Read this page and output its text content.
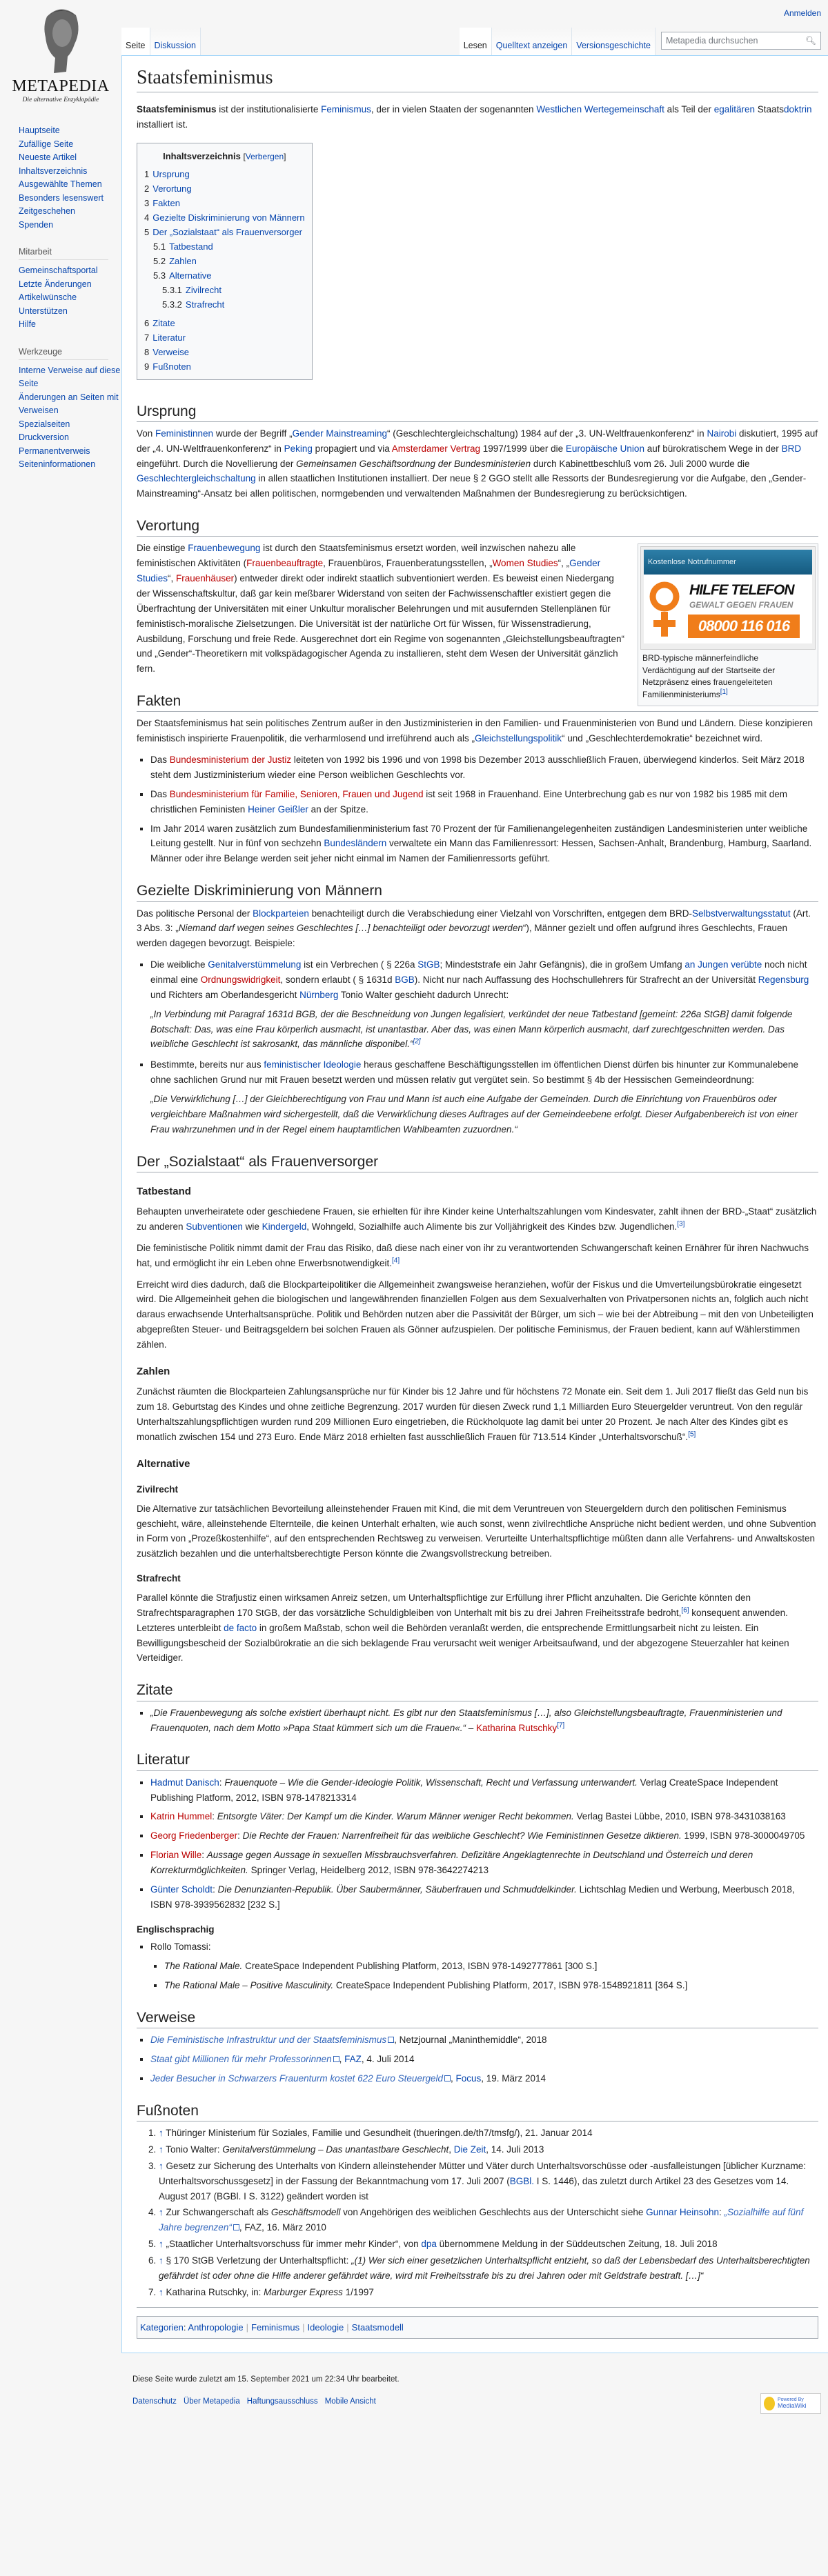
METAPEDIA
Die alternative Enzyklopädie
Hauptseite
Zufällige Seite
Neueste Artikel
Inhaltsverzeichnis
Ausgewählte Themen
Besonders lesenswert
Zeitgeschehen
Spenden
Mitarbeit
Gemeinschaftsportal
Letzte Änderungen
Artikelwünsche
Unterstützen
Hilfe
Werkzeuge
Interne Verweise auf diese Seite
Änderungen an Seiten mit Verweisen
Spezialseiten
Druckversion
Permanentverweis
Seiteninformationen
Anmelden
Seite	Diskussion	Lesen	Quelltext anzeigen	Versionsgeschichte	Metapedia durchsuchen	🔍︎
Staatsfeminismus

Staatsfeminismus ist der institutionalisierte Feminismus, der in vielen Staaten der sogenannten Westlichen Wertegemeinschaft als Teil der egalitären Staatsdoktrin installiert ist.

Inhaltsverzeichnis [Verbergen]
1 Ursprung
2 Verortung
3 Fakten
4 Gezielte Diskriminierung von Männern
5 Der „Sozialstaat“ als Frauenversorger
5.1 Tatbestand
5.2 Zahlen
5.3 Alternative
5.3.1 Zivilrecht
5.3.2 Strafrecht
6 Zitate
7 Literatur
8 Verweise
9 Fußnoten
Ursprung

Von Feministinnen wurde der Begriff „Gender Mainstreaming“ (Geschlechtergleichschaltung) 1984 auf der „3. UN-Weltfrauenkonferenz“ in Nairobi diskutiert, 1995 auf der „4. UN-Weltfrauenkonferenz“ in Peking propagiert und via Amsterdamer Vertrag 1997/1999 über die Europäische Union auf bürokratischem Wege in der BRD eingeführt. Durch die Novellierung der Gemeinsamen Geschäftsordnung der Bundesministerien durch Kabinettbeschluß vom 26. Juli 2000 wurde die Geschlechtergleichschaltung in allen staatlichen Institutionen installiert. Der neue § 2 GGO stellt alle Ressorts der Bundesregierung vor die Aufgabe, den „Gender-Mainstreaming“-Ansatz bei allen politischen, normgebenden und verwaltenden Maßnahmen der Bundesregierung zu berücksichtigen.

Verortung
Kostenlose Notrufnummer
HILFE TELEFON
GEWALT GEGEN FRAUEN
08000 116 016
BRD-typische männerfeindliche Verdächtigung auf der Startseite der Netzpräsenz eines frauengeleiteten Familienministeriums[1]

Die einstige Frauenbewegung ist durch den Staatsfeminismus ersetzt worden, weil inzwischen nahezu alle feministischen Aktivitäten (Frauenbeauftragte, Frauenbüros, Frauenberatungsstellen, „Women Studies“, „Gender Studies“, Frauenhäuser) entweder direkt oder indirekt staatlich subventioniert werden. Es beweist einen Niedergang der Wissenschaftskultur, daß gar kein meßbarer Widerstand von seiten der Fachwissenschaftler existiert gegen die Überfrachtung der Universitäten mit einer Unkultur moralischer Belehrungen und mit ausufernden Stellenplänen für feministisch-moralische Zielsetzungen. Die Universität ist der natürliche Ort für Wissen, für Wissenstradierung, Ausbildung, Forschung und freie Rede. Ausgerechnet dort ein Regime von sogenannten „Gleichstellungsbeauftragten“ und „Gender“-Theoretikern mit volkspädagogischer Agenda zu installieren, steht dem Wesen der Universität gänzlich fern.

Fakten

Der Staatsfeminismus hat sein politisches Zentrum außer in den Justizministerien in den Familien- und Frauenministerien von Bund und Ländern. Diese konzipieren feministisch inspirierte Frauenpolitik, die verharmlosend und irreführend auch als „Gleichstellungspolitik“ und „Geschlechterdemokratie“ bezeichnet wird.

▪ Das Bundesministerium der Justiz leiteten von 1992 bis 1996 und von 1998 bis Dezember 2013 ausschließlich Frauen, überwiegend kinderlos. Seit März 2018 steht dem Justizministerium wieder eine Person weiblichen Geschlechts vor.
▪ Das Bundesministerium für Familie, Senioren, Frauen und Jugend ist seit 1968 in Frauenhand. Eine Unterbrechung gab es nur von 1982 bis 1985 mit dem christlichen Feministen Heiner Geißler an der Spitze.
▪ Im Jahr 2014 waren zusätzlich zum Bundesfamilienministerium fast 70 Prozent der für Familienangelegenheiten zuständigen Landesministerien unter weibliche Leitung gestellt. Nur in fünf von sechzehn Bundesländern verwaltete ein Mann das Familienressort: Hessen, Sachsen-Anhalt, Brandenburg, Hamburg, Saarland. Männer oder ihre Belange werden seit jeher nicht einmal im Namen der Familienressorts geführt.
Gezielte Diskriminierung von Männern

Das politische Personal der Blockparteien benachteiligt durch die Verabschiedung einer Vielzahl von Vorschriften, entgegen dem BRD-Selbstverwaltungsstatut (Art. 3 Abs. 3: „Niemand darf wegen seines Geschlechtes […] benachteiligt oder bevorzugt werden“), Männer gezielt und offen aufgrund ihres Geschlechts, Frauen werden dagegen bevorzugt. Beispiele:

▪ Die weibliche Genitalverstümmelung ist ein Verbrechen ( § 226a StGB; Mindeststrafe ein Jahr Gefängnis), die in großem Umfang an Jungen verübte noch nicht einmal eine Ordnungswidrigkeit, sondern erlaubt ( § 1631d BGB). Nicht nur nach Auffassung des Hochschullehrers für Strafrecht an der Universität Regensburg und Richters am Oberlandesgericht Nürnberg Tonio Walter geschieht dadurch Unrecht:
„In Verbindung mit Paragraf 1631d BGB, der die Beschneidung von Jungen legalisiert, verkündet der neue Tatbestand [gemeint: 226a StGB] damit folgende Botschaft: Das, was eine Frau körperlich ausmacht, ist unantastbar. Aber das, was einen Mann körperlich ausmacht, darf zurechtgeschnitten werden. Das weibliche Geschlecht ist sakrosankt, das männliche disponibel.“[2]
▪ Bestimmte, bereits nur aus feministischer Ideologie heraus geschaffene Beschäftigungsstellen im öffentlichen Dienst dürfen bis hinunter zur Kommunalebene ohne sachlichen Grund nur mit Frauen besetzt werden und müssen relativ gut vergütet sein. So bestimmt § 4b der Hessischen Gemeindeordnung:
„Die Verwirklichung […] der Gleichberechtigung von Frau und Mann ist auch eine Aufgabe der Gemeinden. Durch die Einrichtung von Frauenbüros oder vergleichbare Maßnahmen wird sichergestellt, daß die Verwirklichung dieses Auftrages auf der Gemeindeebene erfolgt. Dieser Aufgabenbereich ist von einer Frau wahrzunehmen und in der Regel einem hauptamtlichen Wahlbeamten zuzuordnen.“
Der „Sozialstaat“ als Frauenversorger
Tatbestand

Behaupten unverheiratete oder geschiedene Frauen, sie erhielten für ihre Kinder keine Unterhaltszahlungen vom Kindesvater, zahlt ihnen der BRD-„Staat“ zusätzlich zu anderen Subventionen wie Kindergeld, Wohngeld, Sozialhilfe auch Alimente bis zur Volljährigkeit des Kindes bzw. Jugendlichen.[3]

Die feministische Politik nimmt damit der Frau das Risiko, daß diese nach einer von ihr zu verantwortenden Schwangerschaft keinen Ernährer für ihren Nachwuchs hat, und ermöglicht ihr ein Leben ohne Erwerbsnotwendigkeit.[4]

Erreicht wird dies dadurch, daß die Blockparteipolitiker die Allgemeinheit zwangsweise heranziehen, wofür der Fiskus und die Umverteilungsbürokratie eingesetzt wird. Die Allgemeinheit gehen die biologischen und langewährenden finanziellen Folgen aus dem Sexualverhalten von Privatpersonen nichts an, folglich auch nicht daraus erwachsende Unterhaltsansprüche. Politik und Behörden nutzen aber die Passivität der Bürger, um sich – wie bei der Abtreibung – mit den von Unbeteiligten abgepreßten Steuer- und Beitragsgeldern bei solchen Frauen als Gönner aufzuspielen. Der politische Feminismus, der Frauen bedient, kann auf Wählerstimmen zählen.

Zahlen

Zunächst räumten die Blockparteien Zahlungsansprüche nur für Kinder bis 12 Jahre und für höchstens 72 Monate ein. Seit dem 1. Juli 2017 fließt das Geld nun bis zum 18. Geburtstag des Kindes und ohne zeitliche Begrenzung. 2017 wurden für diesen Zweck rund 1,1 Milliarden Euro Steuergelder veruntreut. Von den regulär Unterhaltszahlungspflichtigen wurden rund 209 Millionen Euro eingetrieben, die Rückholquote lag damit bei unter 20 Prozent. Je nach Alter des Kindes gibt es monatlich zwischen 154 und 273 Euro. Ende März 2018 erhielten fast ausschließlich Frauen für 713.514 Kinder „Unterhaltsvorschuß“.[5]

Alternative
Zivilrecht

Die Alternative zur tatsächlichen Bevorteilung alleinstehender Frauen mit Kind, die mit dem Veruntreuen von Steuergeldern durch den politischen Feminismus geschieht, wäre, alleinstehende Elternteile, die keinen Unterhalt erhalten, wie auch sonst, wenn zivilrechtliche Ansprüche nicht bedient werden, und ohne Subvention in Form von „Prozeßkostenhilfe“, auf den entsprechenden Rechtsweg zu verweisen. Verurteilte Unterhaltspflichtige müßten dann alle Verfahrens- und Anwaltskosten zusätzlich bezahlen und die unterhaltsberechtigte Person könnte die Zwangsvollstreckung betreiben.

Strafrecht

Parallel könnte die Strafjustiz einen wirksamen Anreiz setzen, um Unterhaltspflichtige zur Erfüllung ihrer Pflicht anzuhalten. Die Gerichte könnten den Strafrechtsparagraphen 170 StGB, der das vorsätzliche Schuldigbleiben von Unterhalt mit bis zu drei Jahren Freiheitsstrafe bedroht,[6] konsequent anwenden. Letzteres unterbleibt de facto in großem Maßstab, schon weil die Behörden veranlaßt werden, die entsprechende Ermittlungsarbeit nicht zu leisten. Ein Bewilligungsbescheid der Sozialbürokratie an die sich beklagende Frau verursacht weit weniger Arbeitsaufwand, und der abgezogene Steuerzahler hat keinen Verteidiger.

Zitate
▪ „Die Frauenbewegung als solche existiert überhaupt nicht. Es gibt nur den Staatsfeminismus […], also Gleichstellungsbeauftragte, Frauenministerien und Frauenquoten, nach dem Motto »Papa Staat kümmert sich um die Frauen«.“ – Katharina Rutschky[7]
Literatur
▪ Hadmut Danisch: Frauenquote – Wie die Gender-Ideologie Politik, Wissenschaft, Recht und Verfassung unterwandert. Verlag CreateSpace Independent Publishing Platform, 2012, ISBN 978-1478213314
▪ Katrin Hummel: Entsorgte Väter: Der Kampf um die Kinder. Warum Männer weniger Recht bekommen. Verlag Bastei Lübbe, 2010, ISBN 978-3431038163
▪ Georg Friedenberger: Die Rechte der Frauen: Narrenfreiheit für das weibliche Geschlecht? Wie Feministinnen Gesetze diktieren. 1999, ISBN 978-3000049705
▪ Florian Wille: Aussage gegen Aussage in sexuellen Missbrauchsverfahren. Defizitäre Angeklagtenrechte in Deutschland und Österreich und deren Korrekturmöglichkeiten. Springer Verlag, Heidelberg 2012, ISBN 978-3642274213
▪ Günter Scholdt: Die Denunzianten-Republik. Über Saubermänner, Säuberfrauen und Schmuddelkinder. Lichtschlag Medien und Werbung, Meerbusch 2018, ISBN 978-3939562832 [232 S.]
Englischsprachig
▪ Rollo Tomassi:
▪ The Rational Male. CreateSpace Independent Publishing Platform, 2013, ISBN 978-1492777861 [300 S.]
▪ The Rational Male – Positive Masculinity. CreateSpace Independent Publishing Platform, 2017, ISBN 978-1548921811 [364 S.]
Verweise
▪ Die Feministische Infrastruktur und der Staatsfeminismus , Netzjournal „Maninthemiddle“, 2018
▪ Staat gibt Millionen für mehr Professorinnen , FAZ, 4. Juli 2014
▪ Jeder Besucher in Schwarzers Frauenturm kostet 622 Euro Steuergeld , Focus, 19. März 2014
Fußnoten
1. ↑ Thüringer Ministerium für Soziales, Familie und Gesundheit (thueringen.de/th7/tmsfg/), 21. Januar 2014
2. ↑ Tonio Walter: Genitalverstümmelung – Das unantastbare Geschlecht, Die Zeit, 14. Juli 2013
3. ↑ Gesetz zur Sicherung des Unterhalts von Kindern alleinstehender Mütter und Väter durch Unterhaltsvorschüsse oder -ausfalleistungen [üblicher Kurzname: Unterhaltsvorschussgesetz] in der Fassung der Bekanntmachung vom 17. Juli 2007 (BGBl. I S. 1446), das zuletzt durch Artikel 23 des Gesetzes vom 14. August 2017 (BGBl. I S. 3122) geändert worden ist
4. ↑ Zur Schwangerschaft als Geschäftsmodell von Angehörigen des weiblichen Geschlechts aus der Unterschicht siehe Gunnar Heinsohn: „Sozialhilfe auf fünf Jahre begrenzen“ , FAZ, 16. März 2010
5. ↑ „Staatlicher Unterhaltsvorschuss für immer mehr Kinder“, von dpa übernommene Meldung in der Süddeutschen Zeitung, 18. Juli 2018
6. ↑ § 170 StGB Verletzung der Unterhaltspflicht: „(1) Wer sich einer gesetzlichen Unterhaltspflicht entzieht, so daß der Lebensbedarf des Unterhaltsberechtigten gefährdet ist oder ohne die Hilfe anderer gefährdet wäre, wird mit Freiheitsstrafe bis zu drei Jahren oder mit Geldstrafe bestraft. […]“
7. ↑ Katharina Rutschky, in: Marburger Express 1/1997
Kategorien: Anthropologie | Feminismus | Ideologie | Staatsmodell
Diese Seite wurde zuletzt am 15. September 2021 um 22:34 Uhr bearbeitet.
Datenschutz Über Metapedia Haftungsausschluss Mobile Ansicht	Powered By
MediaWiki
